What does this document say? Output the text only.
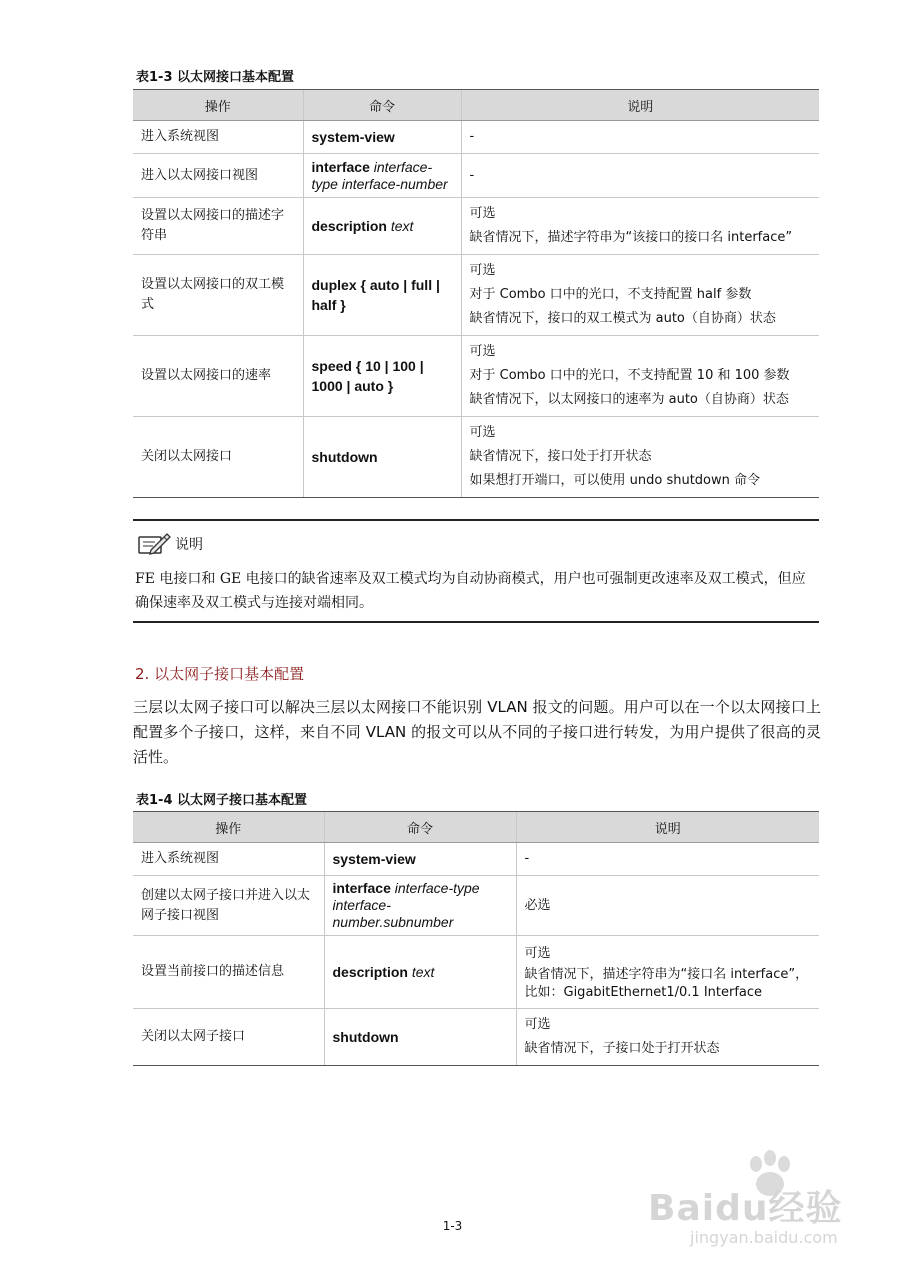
表1-3 以太网接口基本配置
操作	命令	说明
进入系统视图	system-view	-

进入以太网接口视图	interface interface-type interface-number	-

设置以太网接口的描述字符串	description text	可选
缺省情况下，描述字符串为“该接口的接口名 interface”

设置以太网接口的双工模式	duplex { auto | full | half }	可选
对于 Combo 口中的光口，不支持配置 half 参数
缺省情况下，接口的双工模式为 auto（自协商）状态

设置以太网接口的速率	speed { 10 | 100 | 1000 | auto }	可选
对于 Combo 口中的光口，不支持配置 10 和 100 参数
缺省情况下，以太网接口的速率为 auto（自协商）状态

关闭以太网接口	shutdown	可选
缺省情况下，接口处于打开状态
如果想打开端口，可以使用 undo shutdown 命令
说明
FE 电接口和 GE 电接口的缺省速率及双工模式均为自动协商模式，用户也可强制更改速率及双工模式，但应确保速率及双工模式与连接对端相同。
2. 以太网子接口基本配置
三层以太网子接口可以解决三层以太网接口不能识别 VLAN 报文的问题。用户可以在一个以太网接口上配置多个子接口，这样，来自不同 VLAN 的报文可以从不同的子接口进行转发，为用户提供了很高的灵活性。
表1-4 以太网子接口基本配置
操作	命令	说明
进入系统视图	system-view	-

创建以太网子接口并进入以太网子接口视图	interface interface-type interface-number.subnumber	必选

设置当前接口的描述信息	description text	可选
缺省情况下，描述字符串为“接口名 interface”，比如：GigabitEthernet1/0.1 Interface

关闭以太网子接口	shutdown	可选
缺省情况下，子接口处于打开状态
Baidu经验
jingyan.baidu.com
1-3
